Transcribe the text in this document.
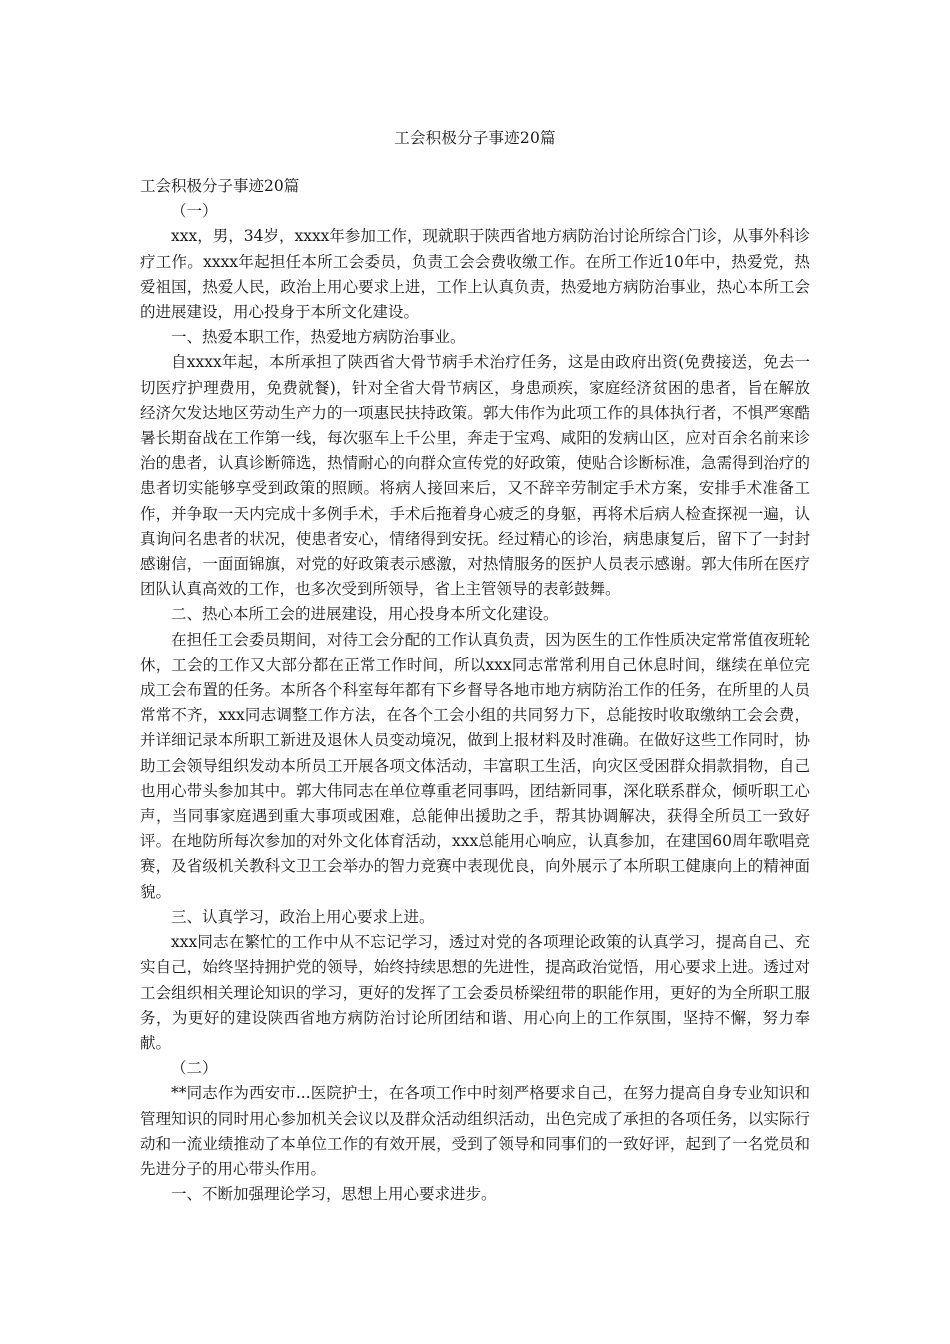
工会积极分子事迹20篇

工会积极分子事迹20篇

（一）

xxx，男，34岁，xxxx年参加工作，现就职于陕西省地方病防治讨论所综合门诊，从事外科诊疗工作。xxxx年起担任本所工会委员，负责工会会费收缴工作。在所工作近10年中，热爱党，热爱祖国，热爱人民，政治上用心要求上进，工作上认真负责，热爱地方病防治事业，热心本所工会的进展建设，用心投身于本所文化建设。

一、热爱本职工作，热爱地方病防治事业。

自xxxx年起，本所承担了陕西省大骨节病手术治疗任务，这是由政府出资(免费接送，免去一切医疗护理费用，免费就餐)，针对全省大骨节病区，身患顽疾，家庭经济贫困的患者，旨在解放经济欠发达地区劳动生产力的一项惠民扶持政策。郭大伟作为此项工作的具体执行者，不惧严寒酷暑长期奋战在工作第一线，每次驱车上千公里，奔走于宝鸡、咸阳的发病山区，应对百余名前来诊治的患者，认真诊断筛选，热情耐心的向群众宣传党的好政策，使贴合诊断标准，急需得到治疗的患者切实能够享受到政策的照顾。将病人接回来后，又不辞辛劳制定手术方案，安排手术准备工作，并争取一天内完成十多例手术，手术后拖着身心疲乏的身躯，再将术后病人检查探视一遍，认真询问名患者的状况，使患者安心，情绪得到安抚。经过精心的诊治，病患康复后，留下了一封封感谢信，一面面锦旗，对党的好政策表示感激，对热情服务的医护人员表示感谢。郭大伟所在医疗团队认真高效的工作，也多次受到所领导，省上主管领导的表彰鼓舞。

二、热心本所工会的进展建设，用心投身本所文化建设。

在担任工会委员期间，对待工会分配的工作认真负责，因为医生的工作性质决定常常值夜班轮休，工会的工作又大部分都在正常工作时间，所以xxx同志常常利用自己休息时间，继续在单位完成工会布置的任务。本所各个科室每年都有下乡督导各地市地方病防治工作的任务，在所里的人员常常不齐，xxx同志调整工作方法，在各个工会小组的共同努力下，总能按时收取缴纳工会会费，并详细记录本所职工新进及退休人员变动境况，做到上报材料及时准确。在做好这些工作同时，协助工会领导组织发动本所员工开展各项文体活动，丰富职工生活，向灾区受困群众捐款捐物，自己也用心带头参加其中。郭大伟同志在单位尊重老同事吗，团结新同事，深化联系群众，倾听职工心声，当同事家庭遇到重大事项或困难，总能伸出援助之手，帮其协调解决，获得全所员工一致好评。在地防所每次参加的对外文化体育活动，xxx总能用心响应，认真参加，在建国60周年歌唱竞赛，及省级机关教科文卫工会举办的智力竞赛中表现优良，向外展示了本所职工健康向上的精神面貌。

三、认真学习，政治上用心要求上进。

xxx同志在繁忙的工作中从不忘记学习，透过对党的各项理论政策的认真学习，提高自己、充实自己，始终坚持拥护党的领导，始终持续思想的先进性，提高政治觉悟，用心要求上进。透过对工会组织相关理论知识的学习，更好的发挥了工会委员桥梁纽带的职能作用，更好的为全所职工服务，为更好的建设陕西省地方病防治讨论所团结和谐、用心向上的工作氛围，坚持不懈，努力奉献。

（二）

**同志作为西安市...医院护士，在各项工作中时刻严格要求自己，在努力提高自身专业知识和管理知识的同时用心参加机关会议以及群众活动组织活动，出色完成了承担的各项任务，以实际行动和一流业绩推动了本单位工作的有效开展，受到了领导和同事们的一致好评，起到了一名党员和先进分子的用心带头作用。

一、不断加强理论学习，思想上用心要求进步。
